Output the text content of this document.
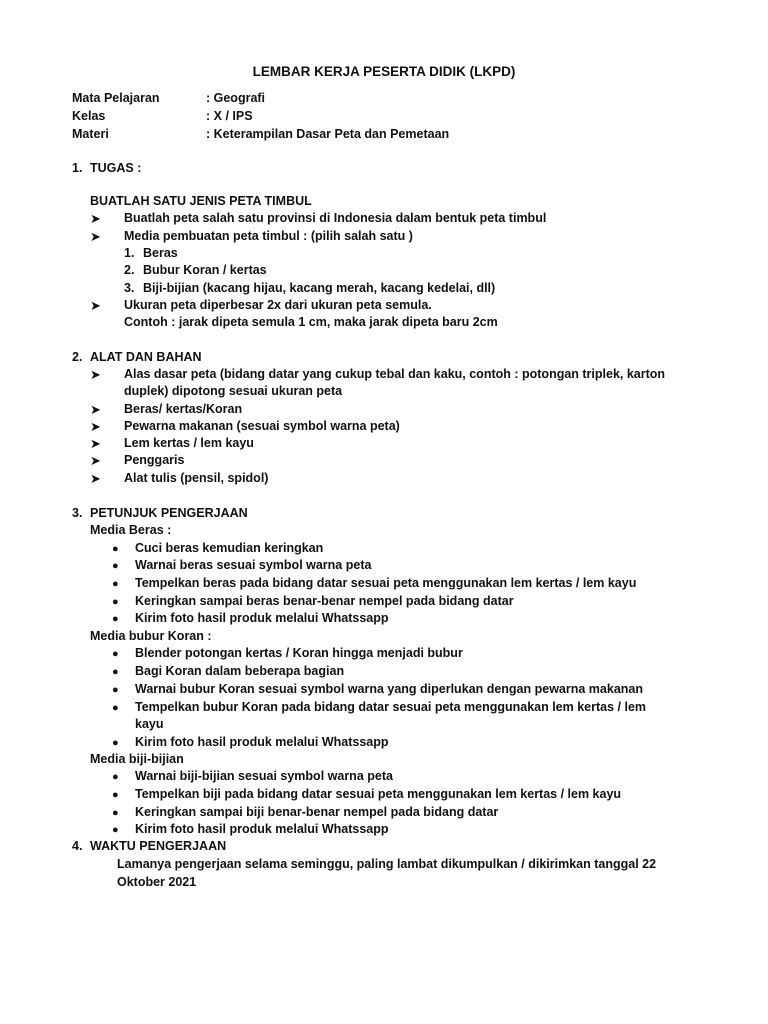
LEMBAR KERJA PESERTA DIDIK (LKPD)
Mata Pelajaran	: Geografi
Kelas	: X / IPS
Materi	: Keterampilan Dasar Peta dan Pemetaan
1. TUGAS :
BUATLAH SATU JENIS PETA TIMBUL
➤ Buatlah peta salah satu provinsi di Indonesia dalam bentuk peta timbul
➤ Media pembuatan peta timbul : (pilih salah satu )
1. Beras
2. Bubur Koran / kertas
3. Biji-bijian (kacang hijau, kacang merah, kacang kedelai, dll)
➤ Ukuran peta diperbesar 2x dari ukuran peta semula.
Contoh : jarak dipeta semula 1 cm, maka jarak dipeta baru 2cm
2. ALAT DAN BAHAN
➤ Alas dasar peta (bidang datar yang cukup tebal dan kaku, contoh : potongan triplek, karton
duplek) dipotong sesuai ukuran peta
➤ Beras/ kertas/Koran
➤ Pewarna makanan (sesuai symbol warna peta)
➤ Lem kertas / lem kayu
➤ Penggaris
➤ Alat tulis (pensil, spidol)
3. PETUNJUK PENGERJAAN
Media Beras :
● Cuci beras kemudian keringkan
● Warnai beras sesuai symbol warna peta
● Tempelkan beras pada bidang datar sesuai peta menggunakan lem kertas / lem kayu
● Keringkan sampai beras benar-benar nempel pada bidang datar
● Kirim foto hasil produk melalui Whatssapp
Media bubur Koran :
● Blender potongan kertas / Koran hingga menjadi bubur
● Bagi Koran dalam beberapa bagian
● Warnai bubur Koran sesuai symbol warna yang diperlukan dengan pewarna makanan
● Tempelkan bubur Koran pada bidang datar sesuai peta menggunakan lem kertas / lem
kayu
● Kirim foto hasil produk melalui Whatssapp
Media biji-bijian
● Warnai biji-bijian sesuai symbol warna peta
● Tempelkan biji pada bidang datar sesuai peta menggunakan lem kertas / lem kayu
● Keringkan sampai biji benar-benar nempel pada bidang datar
● Kirim foto hasil produk melalui Whatssapp
4. WAKTU PENGERJAAN
Lamanya pengerjaan selama seminggu, paling lambat dikumpulkan / dikirimkan tanggal 22
Oktober 2021
